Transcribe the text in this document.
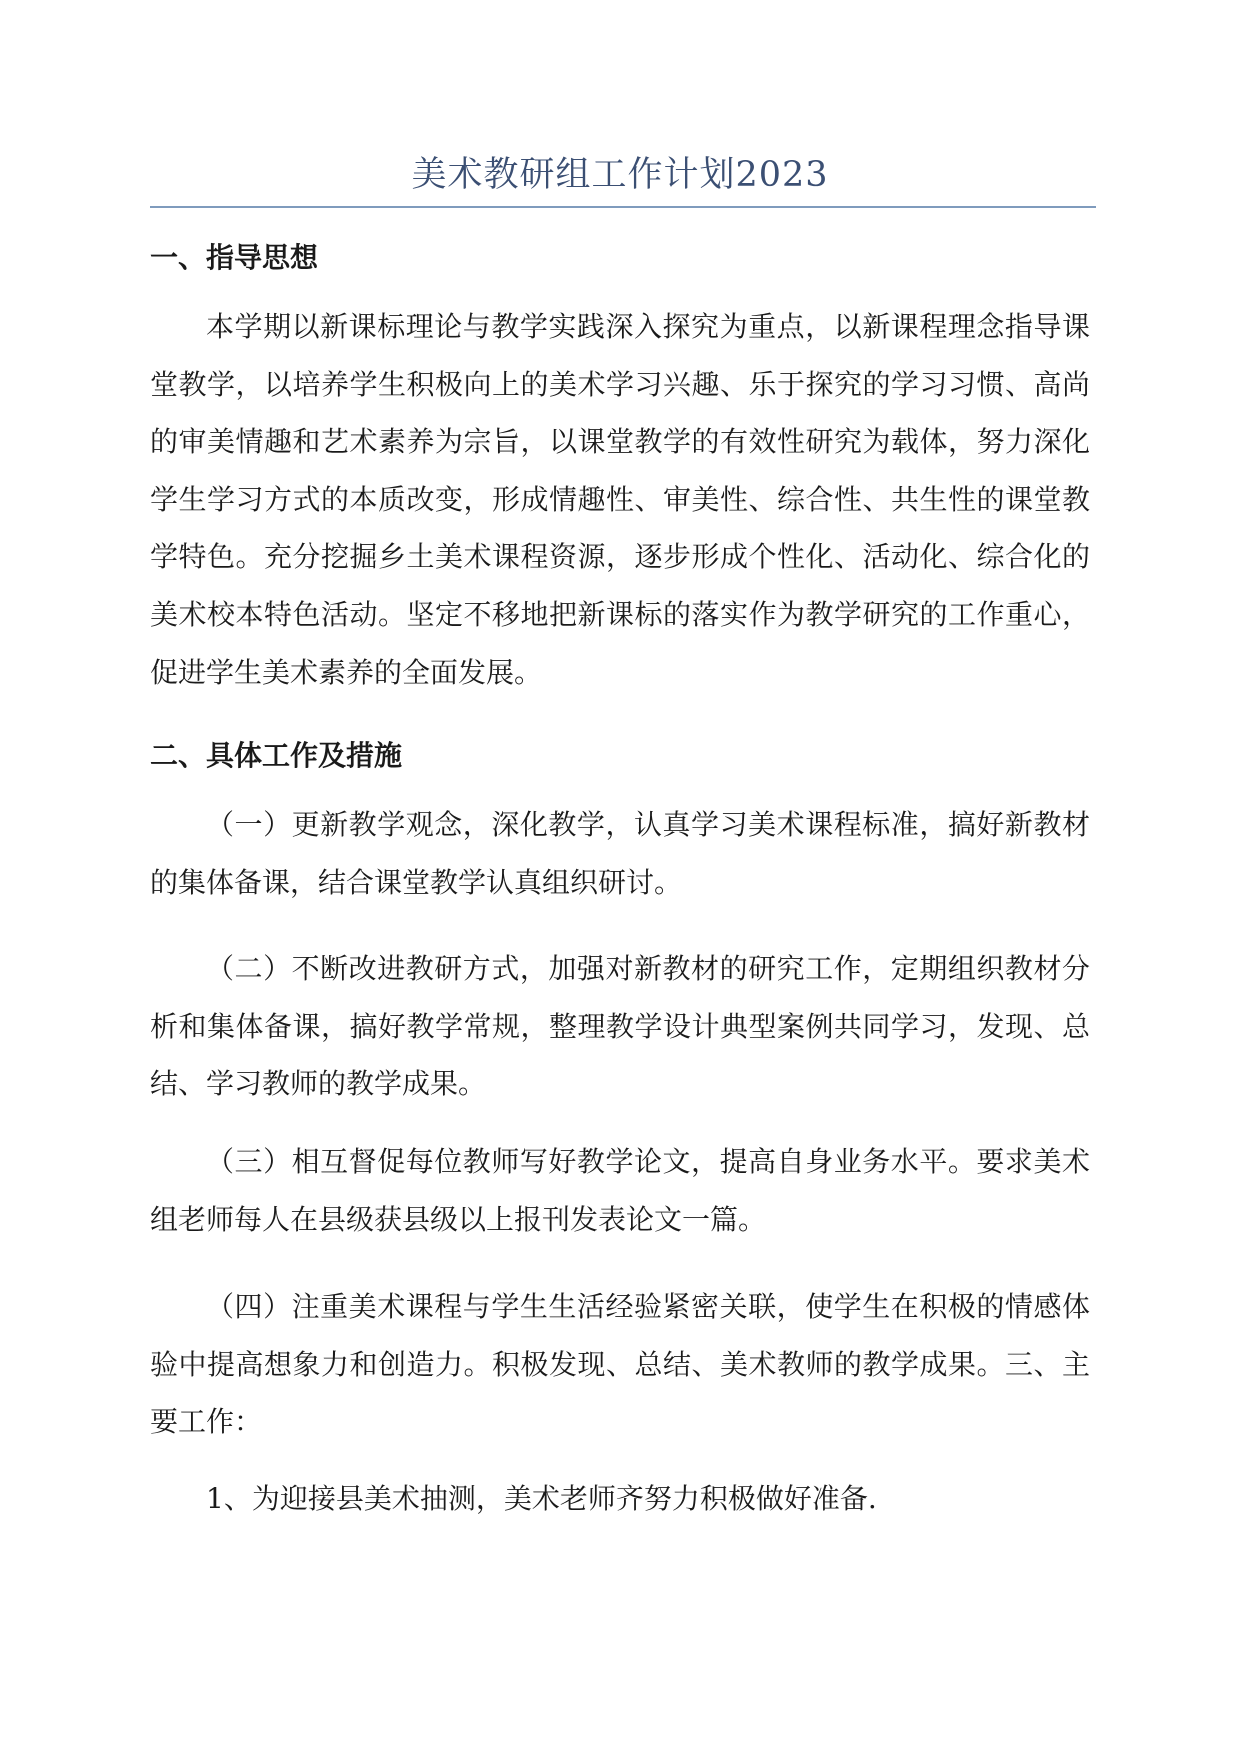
美术教研组工作计划2023
一、指导思想

本学期以新课标理论与教学实践深入探究为重点，以新课程理念指导课堂教学，以培养学生积极向上的美术学习兴趣、乐于探究的学习习惯、高尚的审美情趣和艺术素养为宗旨，以课堂教学的有效性研究为载体，努力深化学生学习方式的本质改变，形成情趣性、审美性、综合性、共生性的课堂教学特色。充分挖掘乡土美术课程资源，逐步形成个性化、活动化、综合化的美术校本特色活动。坚定不移地把新课标的落实作为教学研究的工作重心，促进学生美术素养的全面发展。

二、具体工作及措施

（一）更新教学观念，深化教学，认真学习美术课程标准，搞好新教材的集体备课，结合课堂教学认真组织研讨。

（二）不断改进教研方式，加强对新教材的研究工作，定期组织教材分析和集体备课，搞好教学常规，整理教学设计典型案例共同学习，发现、总结、学习教师的教学成果。

（三）相互督促每位教师写好教学论文，提高自身业务水平。要求美术组老师每人在县级获县级以上报刊发表论文一篇。

（四）注重美术课程与学生生活经验紧密关联，使学生在积极的情感体验中提高想象力和创造力。积极发现、总结、美术教师的教学成果。三、主要工作：

1、为迎接县美术抽测，美术老师齐努力积极做好准备.
